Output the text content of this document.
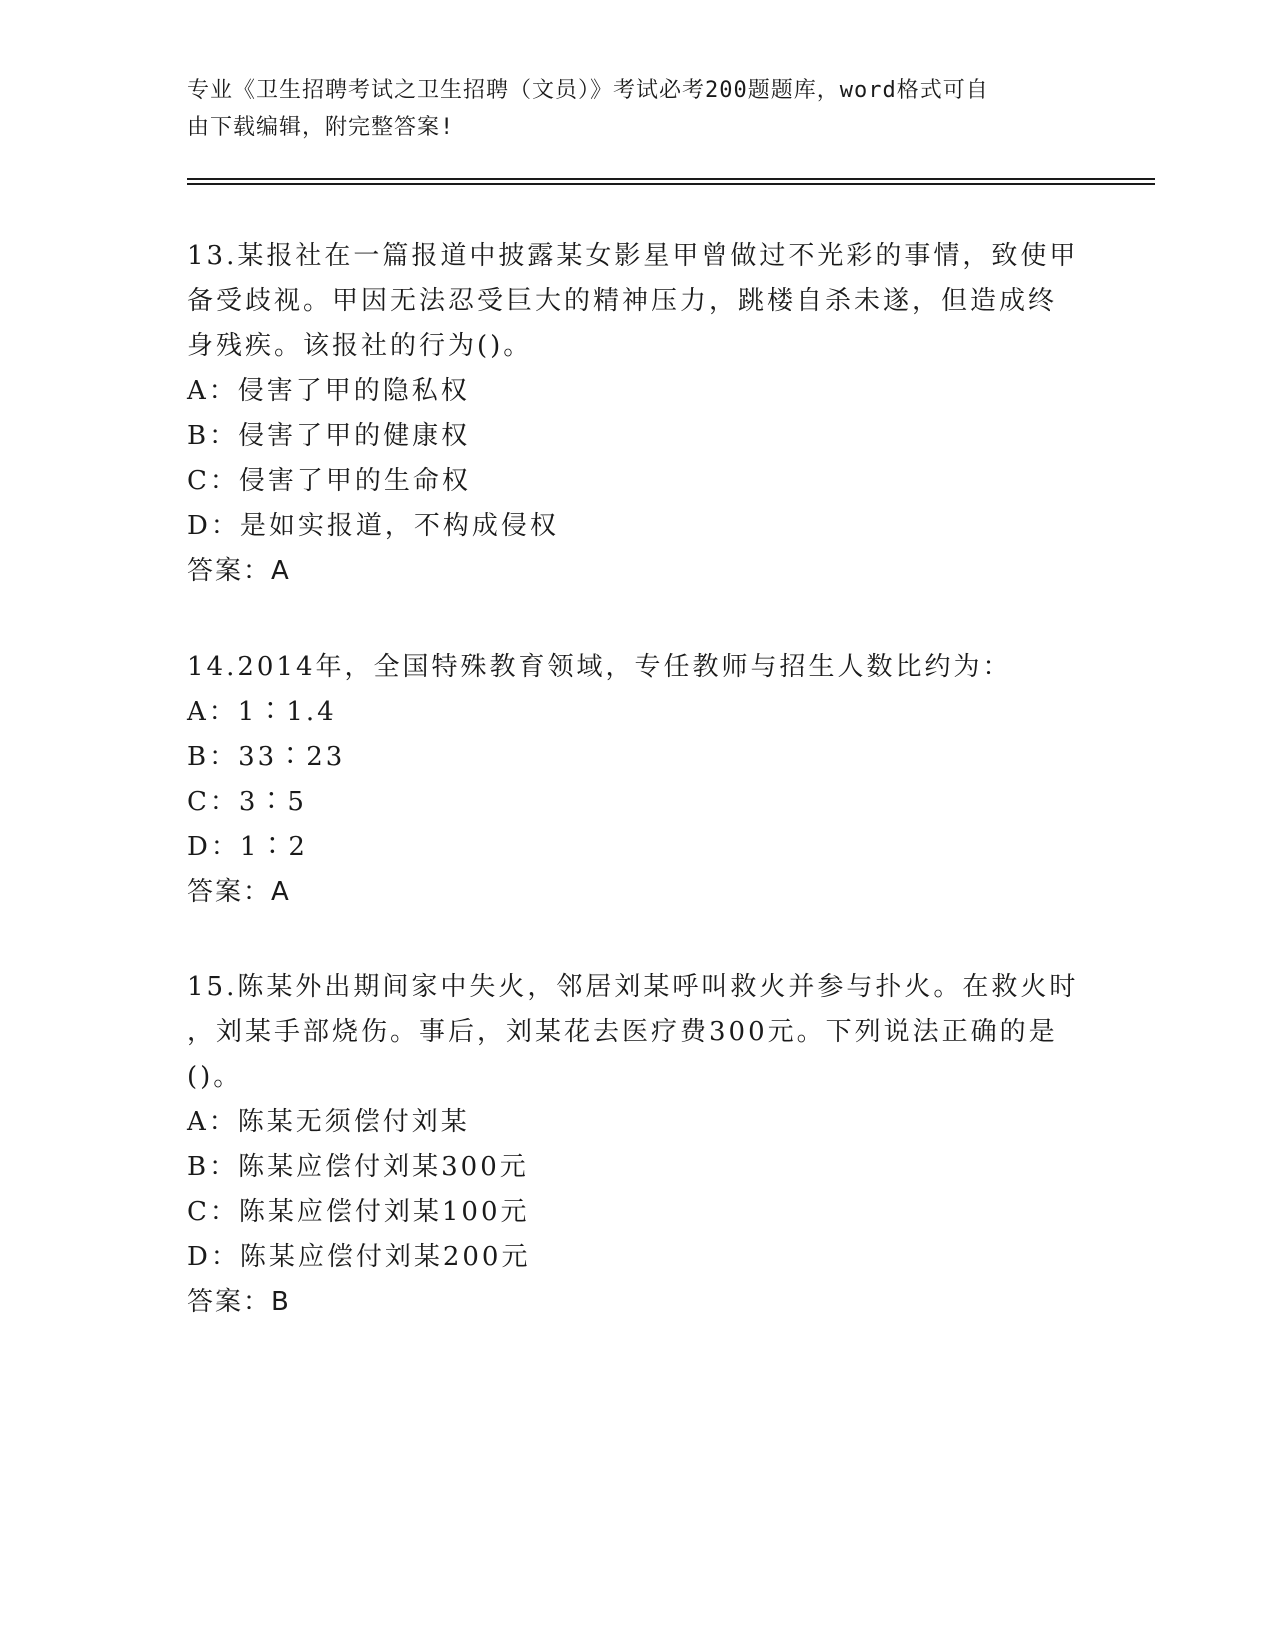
专业《卫生招聘考试之卫生招聘（文员）》考试必考200题题库，word格式可自
由下载编辑，附完整答案!

13.某报社在一篇报道中披露某女影星甲曾做过不光彩的事情，致使甲

备受歧视。甲因无法忍受巨大的精神压力，跳楼自杀未遂，但造成终

身残疾。该报社的行为()。

A：侵害了甲的隐私权

B：侵害了甲的健康权

C：侵害了甲的生命权

D：是如实报道，不构成侵权

答案：A

14.2014年，全国特殊教育领域，专任教师与招生人数比约为：

A：1∶1.4

B：33∶23

C：3∶5

D：1∶2

答案：A

15.陈某外出期间家中失火，邻居刘某呼叫救火并参与扑火。在救火时

，刘某手部烧伤。事后，刘某花去医疗费300元。下列说法正确的是

()。

A：陈某无须偿付刘某

B：陈某应偿付刘某300元

C：陈某应偿付刘某100元

D：陈某应偿付刘某200元

答案：B
